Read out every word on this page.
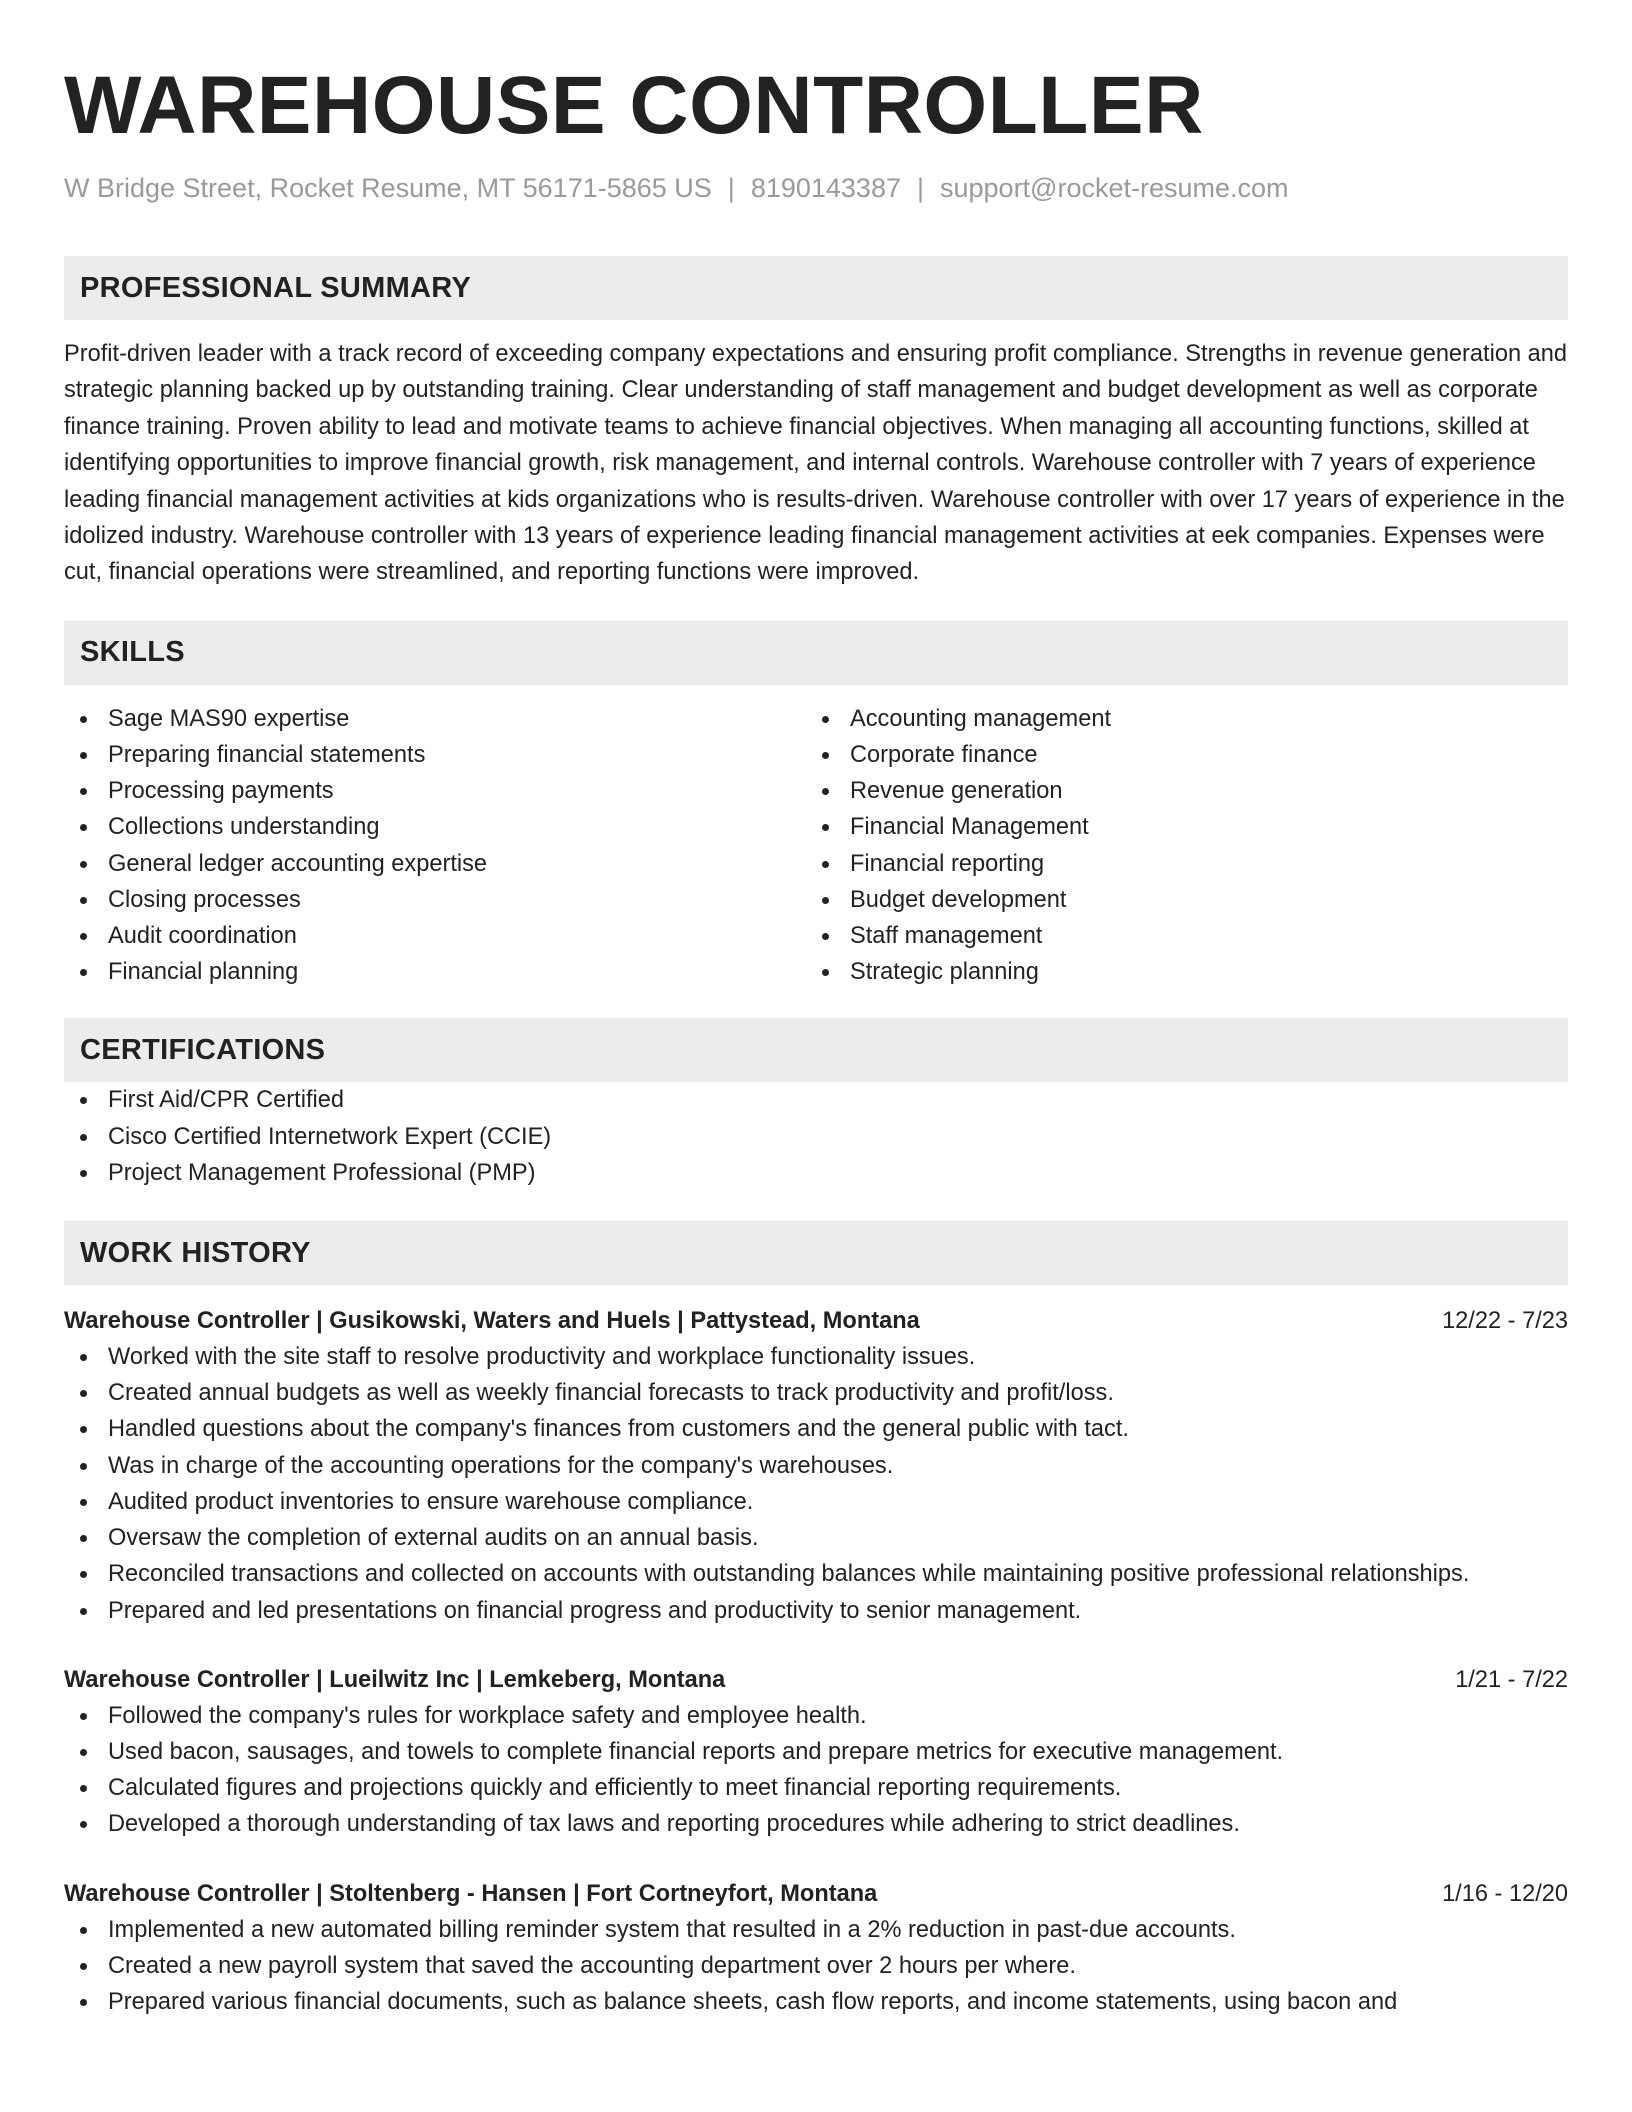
WAREHOUSE CONTROLLER
W Bridge Street, Rocket Resume, MT 56171-5865 US | 8190143387 | support@rocket-resume.com
PROFESSIONAL SUMMARY
Profit-driven leader with a track record of exceeding company expectations and ensuring profit compliance. Strengths in revenue generation and strategic planning backed up by outstanding training. Clear understanding of staff management and budget development as well as corporate finance training. Proven ability to lead and motivate teams to achieve financial objectives. When managing all accounting functions, skilled at identifying opportunities to improve financial growth, risk management, and internal controls. Warehouse controller with 7 years of experience leading financial management activities at kids organizations who is results-driven. Warehouse controller with over 17 years of experience in the idolized industry. Warehouse controller with 13 years of experience leading financial management activities at eek companies. Expenses were cut, financial operations were streamlined, and reporting functions were improved.
SKILLS
Sage MAS90 expertise
Preparing financial statements
Processing payments
Collections understanding
General ledger accounting expertise
Closing processes
Audit coordination
Financial planning
Accounting management
Corporate finance
Revenue generation
Financial Management
Financial reporting
Budget development
Staff management
Strategic planning
CERTIFICATIONS
First Aid/CPR Certified
Cisco Certified Internetwork Expert (CCIE)
Project Management Professional (PMP)
WORK HISTORY
Warehouse Controller | Gusikowski, Waters and Huels | Pattystead, Montana	12/22 - 7/23
Worked with the site staff to resolve productivity and workplace functionality issues.
Created annual budgets as well as weekly financial forecasts to track productivity and profit/loss.
Handled questions about the company's finances from customers and the general public with tact.
Was in charge of the accounting operations for the company's warehouses.
Audited product inventories to ensure warehouse compliance.
Oversaw the completion of external audits on an annual basis.
Reconciled transactions and collected on accounts with outstanding balances while maintaining positive professional relationships.
Prepared and led presentations on financial progress and productivity to senior management.
Warehouse Controller | Lueilwitz Inc | Lemkeberg, Montana	1/21 - 7/22
Followed the company's rules for workplace safety and employee health.
Used bacon, sausages, and towels to complete financial reports and prepare metrics for executive management.
Calculated figures and projections quickly and efficiently to meet financial reporting requirements.
Developed a thorough understanding of tax laws and reporting procedures while adhering to strict deadlines.
Warehouse Controller | Stoltenberg - Hansen | Fort Cortneyfort, Montana	1/16 - 12/20
Implemented a new automated billing reminder system that resulted in a 2% reduction in past-due accounts.
Created a new payroll system that saved the accounting department over 2 hours per where.
Prepared various financial documents, such as balance sheets, cash flow reports, and income statements, using bacon and
